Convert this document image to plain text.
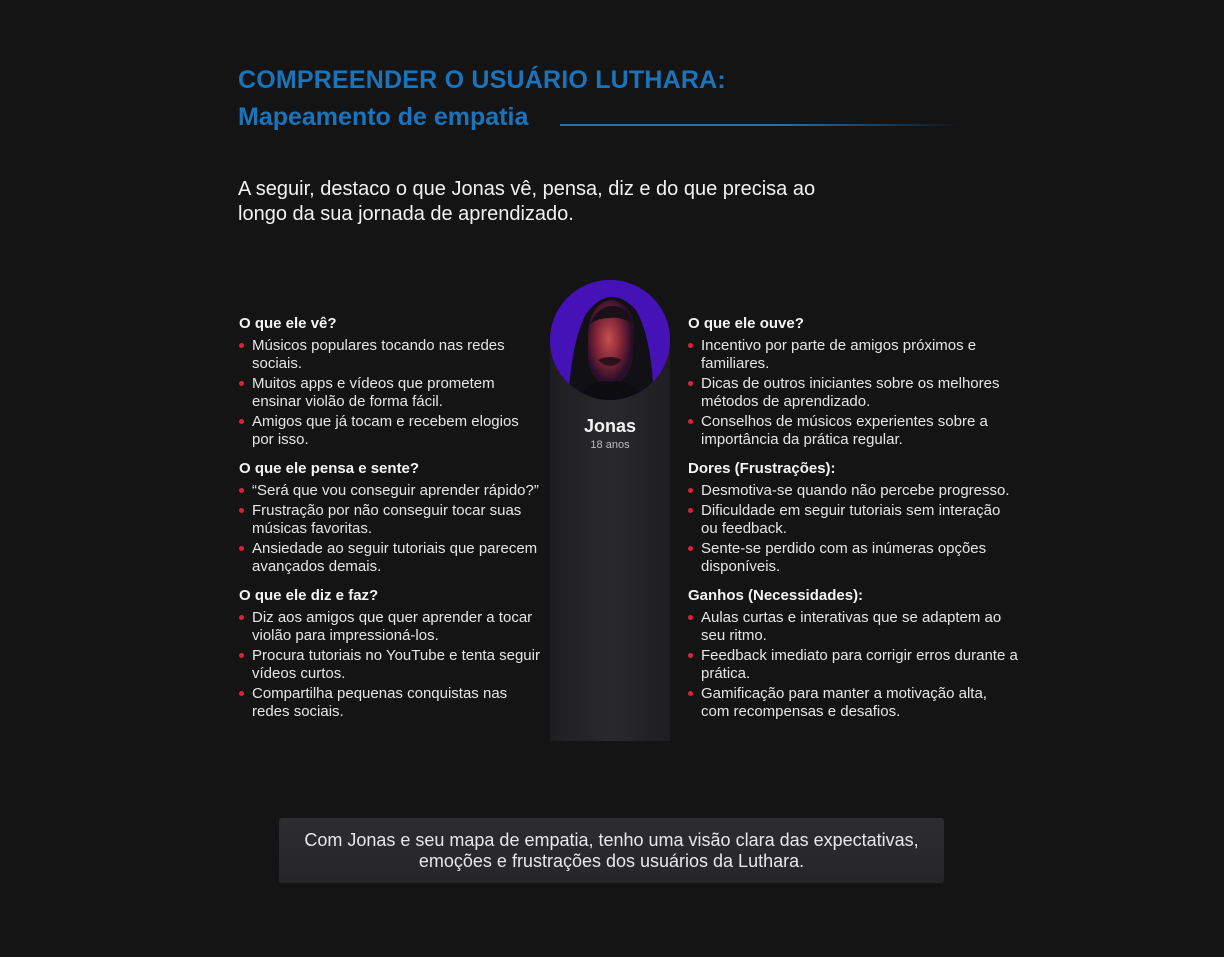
COMPREENDER O USUÁRIO LUTHARA:
Mapeamento de empatia
A seguir, destaco o que Jonas vê, pensa, diz e do que precisa ao longo da sua jornada de aprendizado.
O que ele vê?
Músicos populares tocando nas redes sociais.
Muitos apps e vídeos que prometem ensinar violão de forma fácil.
Amigos que já tocam e recebem elogios por isso.
O que ele pensa e sente?
“Será que vou conseguir aprender rápido?”
Frustração por não conseguir tocar suas músicas favoritas.
Ansiedade ao seguir tutoriais que parecem avançados demais.
O que ele diz e faz?
Diz aos amigos que quer aprender a tocar violão para impressioná-los.
Procura tutoriais no YouTube e tenta seguir vídeos curtos.
Compartilha pequenas conquistas nas redes sociais.
Jonas
18 anos
O que ele ouve?
Incentivo por parte de amigos próximos e familiares.
Dicas de outros iniciantes sobre os melhores métodos de aprendizado.
Conselhos de músicos experientes sobre a importância da prática regular.
Dores (Frustrações):
Desmotiva-se quando não percebe progresso.
Dificuldade em seguir tutoriais sem interação ou feedback.
Sente-se perdido com as inúmeras opções disponíveis.
Ganhos (Necessidades):
Aulas curtas e interativas que se adaptem ao seu ritmo.
Feedback imediato para corrigir erros durante a prática.
Gamificação para manter a motivação alta, com recompensas e desafios.

Com Jonas e seu mapa de empatia, tenho uma visão clara das expectativas, emoções e frustrações dos usuários da Luthara.
